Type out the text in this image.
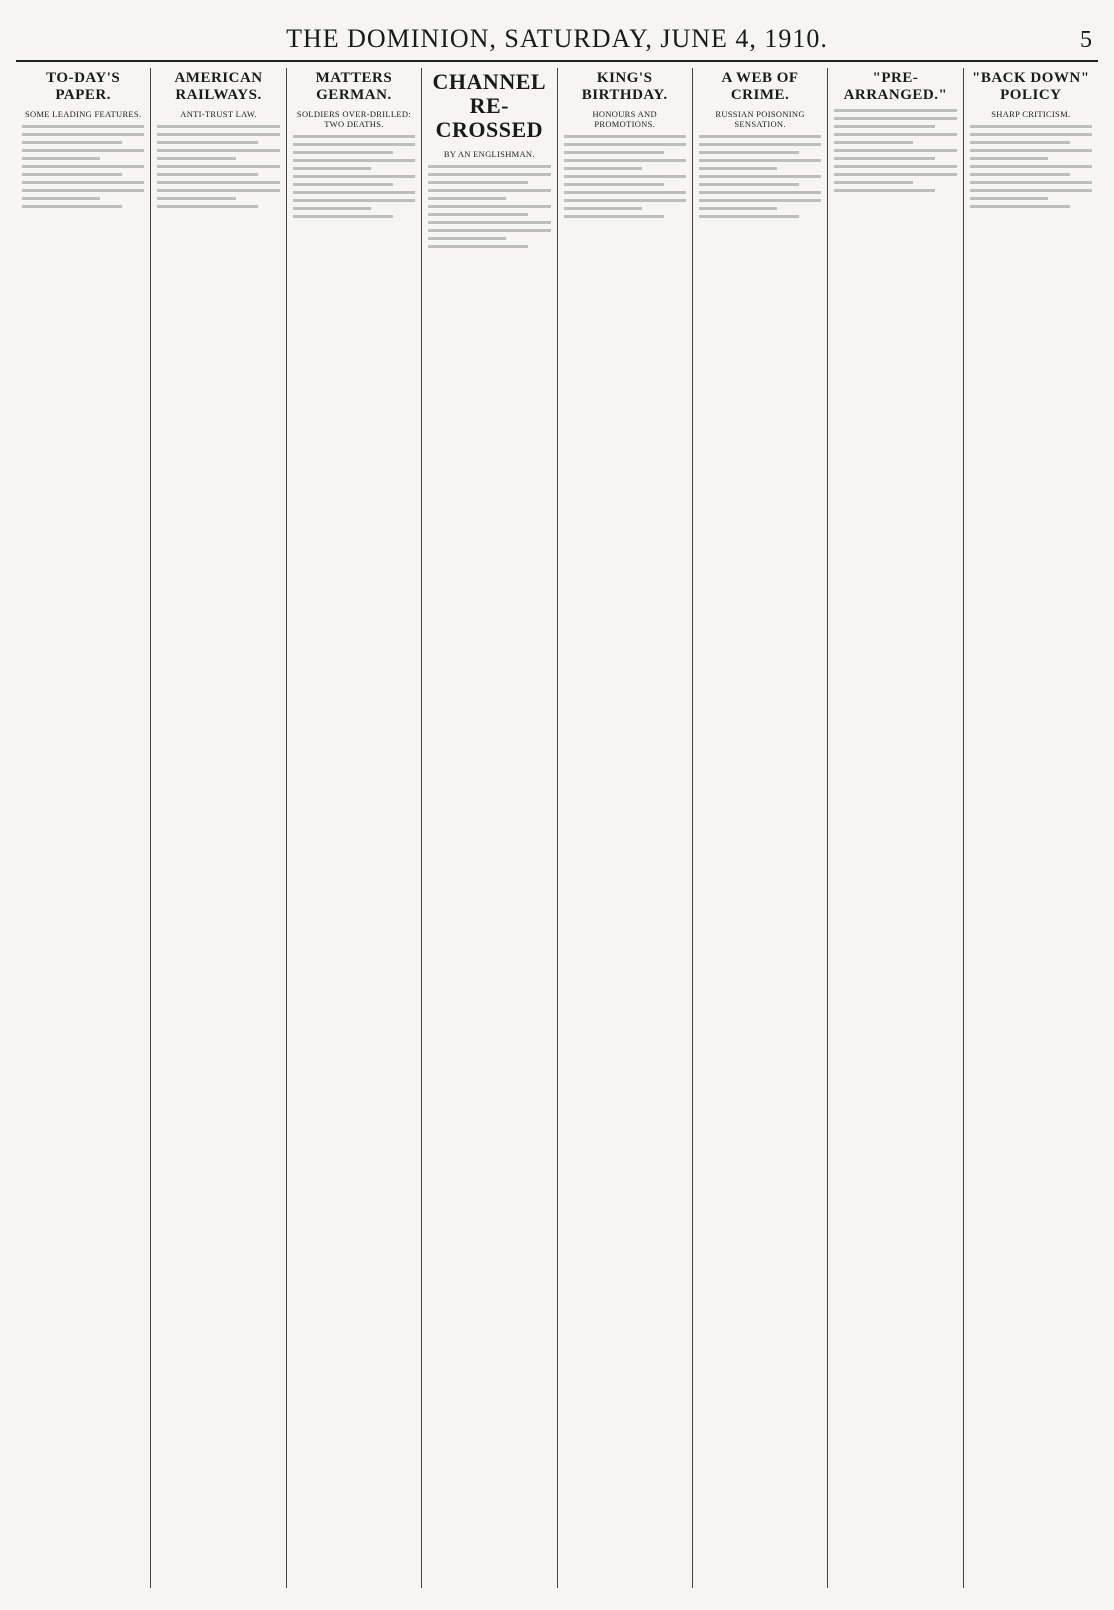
THE DOMINION, SATURDAY, JUNE 4, 1910.	5
TO-DAY'S PAPER.
SOME LEADING FEATURES.
AMERICAN RAILWAYS.
ANTI-TRUST LAW.
MATTERS GERMAN.
SOLDIERS OVER-DRILLED: TWO DEATHS.
CHANNEL RE-CROSSED
BY AN ENGLISHMAN.
KING'S BIRTHDAY.
HONOURS AND PROMOTIONS.
A WEB OF CRIME.
RUSSIAN POISONING SENSATION.
"PRE-ARRANGED."
"BACK DOWN" POLICY
SHARP CRITICISM.
